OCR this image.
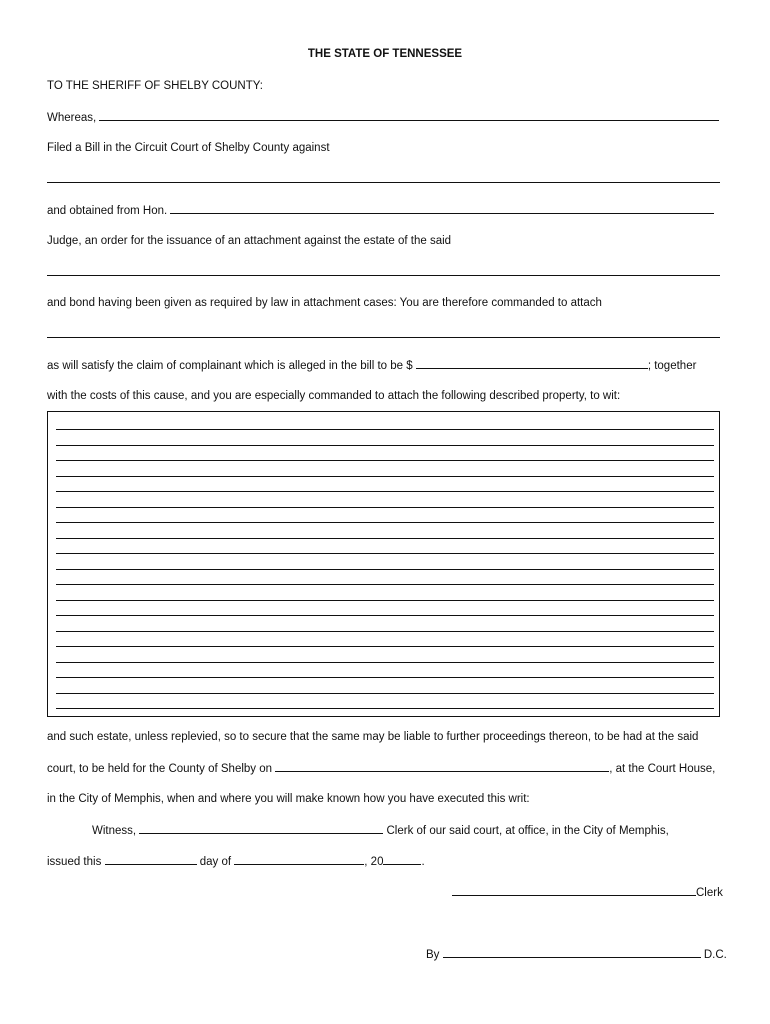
THE STATE OF TENNESSEE
TO THE SHERIFF OF SHELBY COUNTY:
Whereas,
Filed a Bill in the Circuit Court of Shelby County against
and obtained from Hon.
Judge, an order for the issuance of an attachment against the estate of the said
and bond having been given as required by law in attachment cases: You are therefore commanded to attach
as will satisfy the claim of complainant which is alleged in the bill to be $	; together
with the costs of this cause, and you are especially commanded to attach the following described property, to wit:
and such estate, unless replevied, so to secure that the same may be liable to further proceedings thereon, to be had at the said
court, to be held for the County of Shelby on	, at the Court House,
in the City of Memphis, when and where you will make known how you have executed this writ:
Witness,	Clerk of our said court, at office, in the City of Memphis,
issued this	day of	, 20	.
Clerk
By	D.C.
